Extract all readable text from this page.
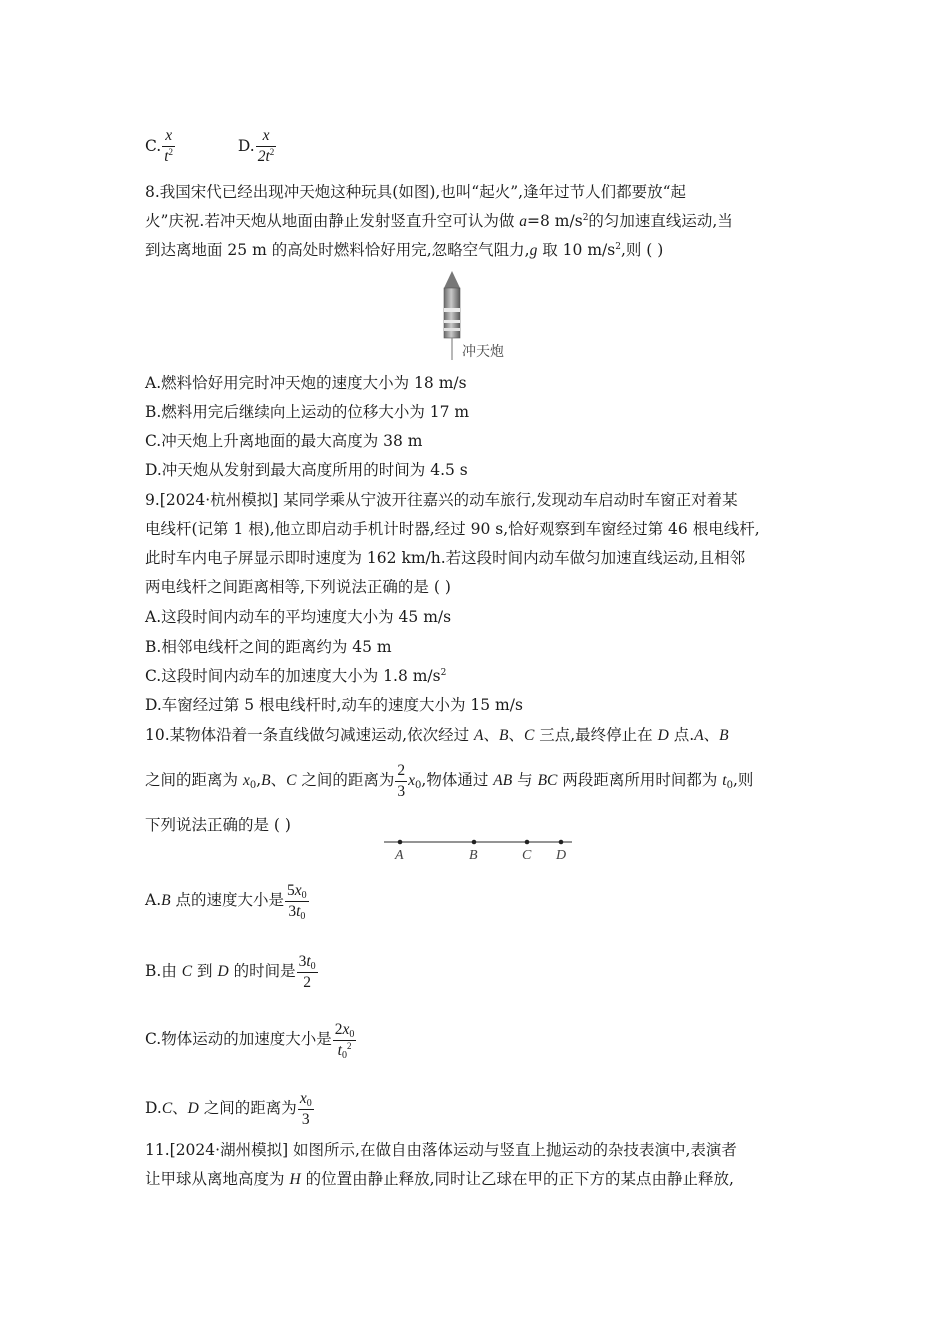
C. $\frac{x}{t^2}$	D. $\frac{x}{2t^2}$
8.我国宋代已经出现冲天炮这种玩具(如图),也叫“起火”,逢年过节人们都要放“起
火”庆祝.若冲天炮从地面由静止发射竖直升空可认为做 a=8 $m/s^2$的匀加速直线运动,当
到达离地面 25 m 的高处时燃料恰好用完,忽略空气阻力,g 取 10 $m/s^2$,则 ( )
冲天炮
A.燃料恰好用完时冲天炮的速度大小为 18 m/s
B.燃料用完后继续向上运动的位移大小为 17 m
C.冲天炮上升离地面的最大高度为 38 m
D.冲天炮从发射到最大高度所用的时间为 4.5 s
9.[2024·杭州模拟] 某同学乘从宁波开往嘉兴的动车旅行,发现动车启动时车窗正对着某
电线杆(记第 1 根),他立即启动手机计时器,经过 90 s,恰好观察到车窗经过第 46 根电线杆,
此时车内电子屏显示即时速度为 162 km/h.若这段时间内动车做匀加速直线运动,且相邻
两电线杆之间距离相等,下列说法正确的是 ( )
A.这段时间内动车的平均速度大小为 45 m/s
B.相邻电线杆之间的距离约为 45 m
C.这段时间内动车的加速度大小为 1.8 $m/s^2$
D.车窗经过第 5 根电线杆时,动车的速度大小为 15 m/s
10.某物体沿着一条直线做匀减速运动,依次经过 A、B、C 三点,最终停止在 D 点.A、B
之间的距离为 $x_0,B$、C 之间的距离为 $\frac{2}{3} x_0$,物体通过 AB 与 BC 两段距离所用时间都为 $t_0$,则
下列说法正确的是 ( )
A	B	C D
A.B 点的速度大小是 $\frac{5x_0}{3t_0}$
B.由 C 到 D 的时间是 $\frac{3t_0}{2}$
C.物体运动的加速度大小是 $\frac{2x_0}{t_0^2}$
D.C、D 之间的距离为 $\frac{x_0}{3}$
11.[2024·湖州模拟] 如图所示,在做自由落体运动与竖直上抛运动的杂技表演中,表演者
让甲球从离地高度为 H 的位置由静止释放,同时让乙球在甲的正下方的某点由静止释放,
